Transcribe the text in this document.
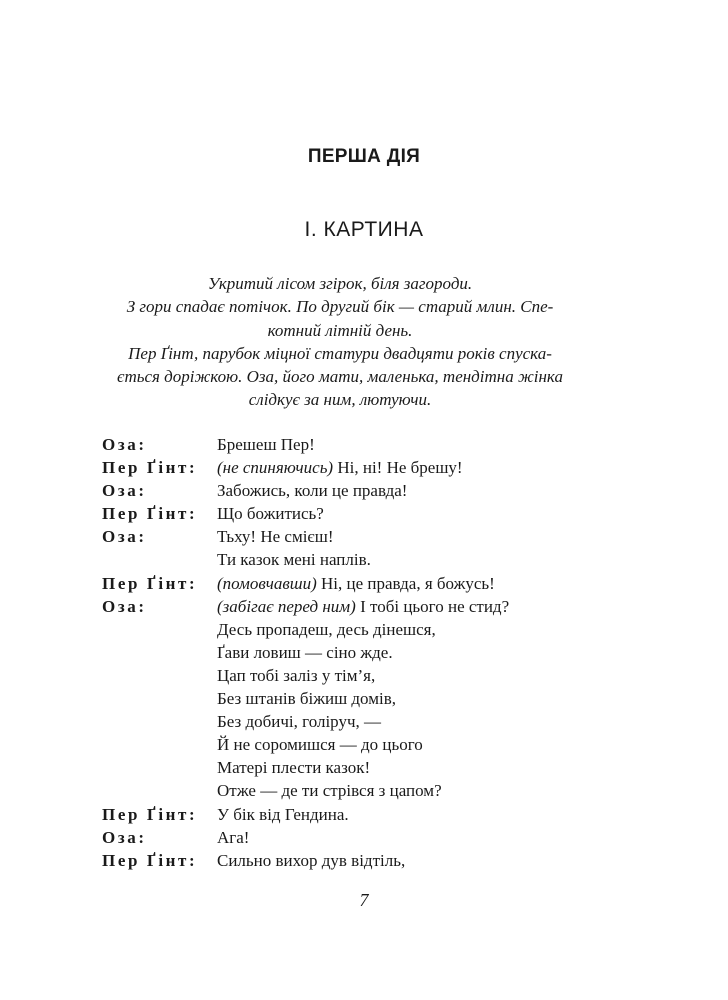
ПЕРША ДІЯ
І. КАРТИНА
Укритий лісом згірок, біля загороди.
З гори спадає потічок. По другий бік — старий млин. Спе-
котний літній день.
Пер Ґінт, парубок міцної статури двадцяти років спуска-
ється доріжкою. Оза, його мати, маленька, тендітна жінка
слідкує за ним, лютуючи.
Оза:	Брешеш Пер!
Пер Ґінт: (не спиняючись) Ні, ні! Не брешу!
Оза:	Забожись, коли це правда!
Пер Ґінт: Що божитись?
Оза:	Тьху! Не смієш!
Ти казок мені наплів.
Пер Ґінт: (помовчавши) Ні, це правда, я божусь!
Оза:	(забігає перед ним) І тобі цього не стид?
Десь пропадеш, десь дінешся,
Ґави ловиш — сіно жде.
Цап тобі заліз у тім’я,
Без штанів біжиш домів,
Без добичі, голіруч, —
Й не соромишся — до цього
Матері плести казок!
Отже — де ти стрівся з цапом?
Пер Ґінт: У бік від Гендина.
Оза:	Ага!
Пер Ґінт: Сильно вихор дув відтіль,
7
